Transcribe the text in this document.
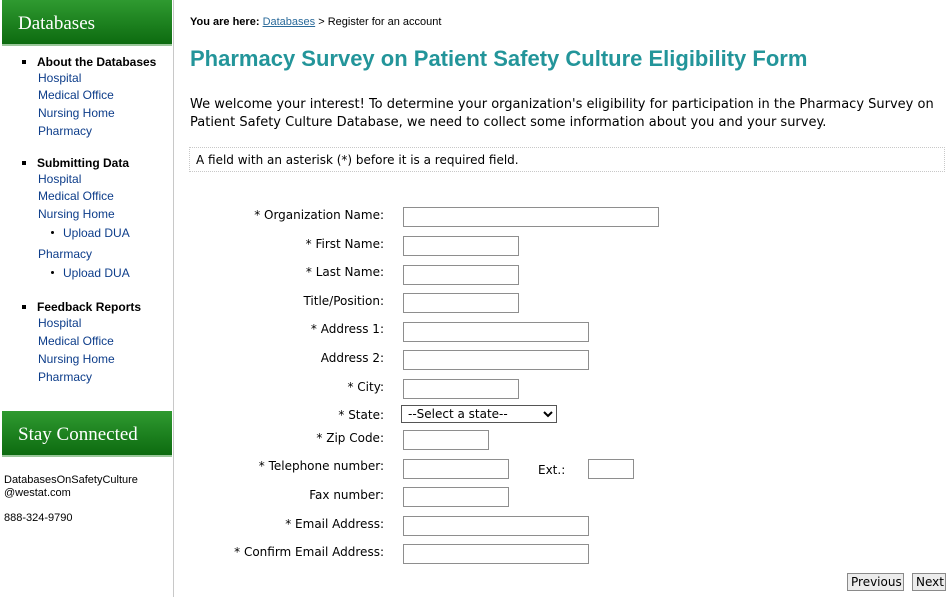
Databases
About the Databases
Hospital
Medical Office
Nursing Home
Pharmacy
Submitting Data
Hospital
Medical Office
Nursing Home
Upload DUA
Pharmacy
Upload DUA
Feedback Reports
Hospital
Medical Office
Nursing Home
Pharmacy
Stay Connected
DatabasesOnSafetyCulture
@westat.com
888-324-9790
You are here: Databases > Register for an account
Pharmacy Survey on Patient Safety Culture Eligibility Form
We welcome your interest! To determine your organization's eligibility for participation in the Pharmacy Survey on Patient Safety Culture Database, we need to collect some information about you and your survey.
A field with an asterisk (*) before it is a required field.
* Organization Name:
* First Name:
* Last Name:
Title/Position:
* Address 1:
Address 2:
* City:
* State:
--Select a state--
* Zip Code:
* Telephone number:	Ext.:
Fax number:
* Email Address:
* Confirm Email Address:
Previous	Next
